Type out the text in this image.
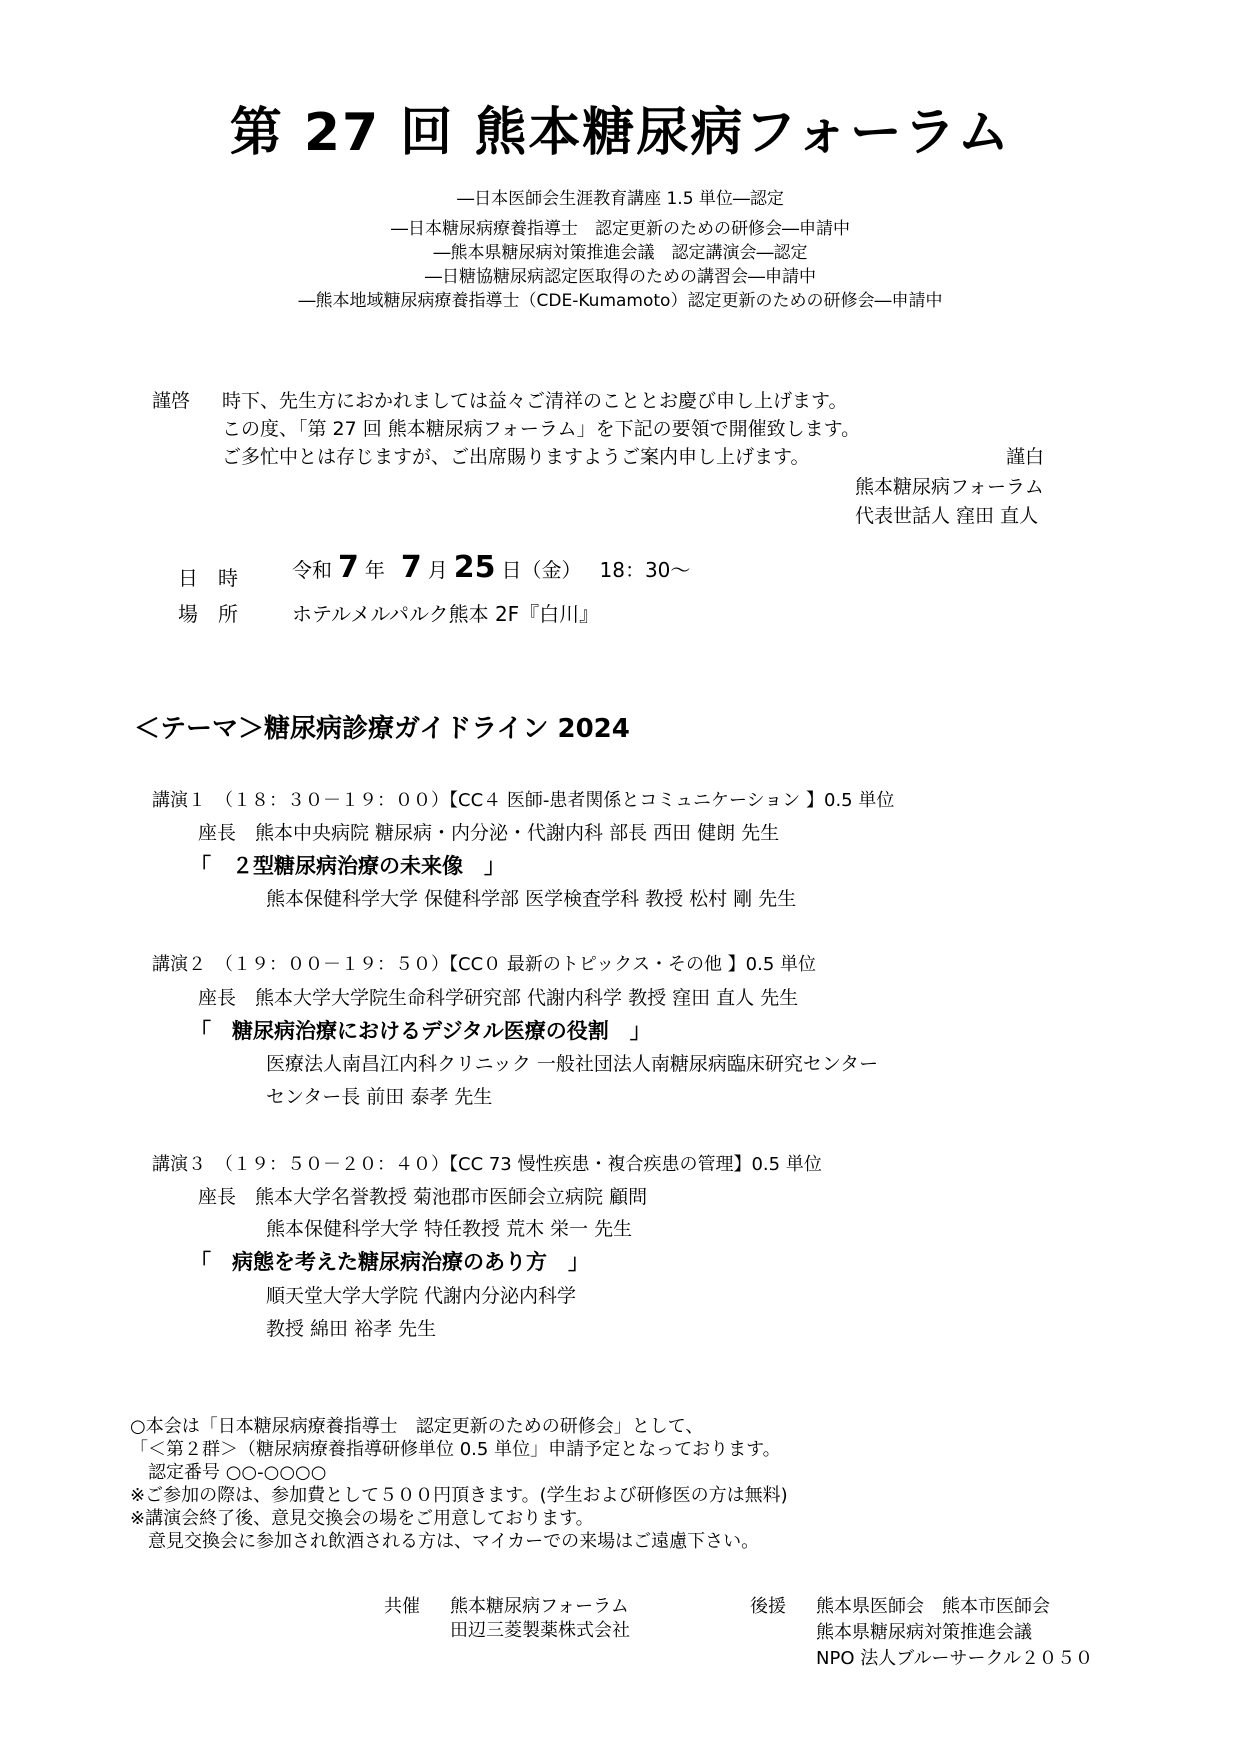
第 27 回 熊本糖尿病フォーラム
―日本医師会生涯教育講座 1.5 単位―認定
―日本糖尿病療養指導士　認定更新のための研修会―申請中
―熊本県糖尿病対策推進会議　認定講演会―認定
―日糖協糖尿病認定医取得のための講習会―申請中
―熊本地域糖尿病療養指導士（CDE-Kumamoto）認定更新のための研修会―申請中
謹啓 時下、先生方におかれましては益々ご清祥のこととお慶び申し上げます。
この度、「第 27 回 熊本糖尿病フォーラム」を下記の要領で開催致します。
ご多忙中とは存じますが、ご出席賜りますようご案内申し上げます。	謹白
熊本糖尿病フォーラム
代表世話人 窪田 直人
日　時	令和 7 年 7 月 25 日（金） 18：30～
場　所	ホテルメルパルク熊本 2F『白川』
＜テーマ＞糖尿病診療ガイドライン 2024
講演１　（１８：３０－１９：００）【CC４ 医師-患者関係とコミュニケーション 】0.5 単位
座長　熊本中央病院 糖尿病・内分泌・代謝内科 部長 西田 健朗 先生
「　２型糖尿病治療の未来像　」
熊本保健科学大学 保健科学部 医学検査学科 教授 松村 剛 先生
講演２　（１９：００－１９：５０）【CC０ 最新のトピックス・その他 】0.5 単位
座長　熊本大学大学院生命科学研究部 代謝内科学 教授 窪田 直人 先生
「　糖尿病治療におけるデジタル医療の役割　」
医療法人南昌江内科クリニック 一般社団法人南糖尿病臨床研究センター
センター長 前田 泰孝 先生
講演３　（１９：５０－２０：４０）【CC 73 慢性疾患・複合疾患の管理】0.5 単位
座長　熊本大学名誉教授 菊池郡市医師会立病院 顧問
熊本保健科学大学 特任教授 荒木 栄一 先生
「　病態を考えた糖尿病治療のあり方　」
順天堂大学大学院 代謝内分泌内科学
教授 綿田 裕孝 先生
○本会は「日本糖尿病療養指導士　認定更新のための研修会」として、
「＜第２群＞（糖尿病療養指導研修単位 0.5 単位」申請予定となっております。
　認定番号 ○○-○○○○
※ご参加の際は、参加費として５００円頂きます。(学生および研修医の方は無料)
※講演会終了後、意見交換会の場をご用意しております。
　意見交換会に参加され飲酒される方は、マイカーでの来場はご遠慮下さい。
共催 熊本糖尿病フォーラム
田辺三菱製薬株式会社
後援 熊本県医師会　熊本市医師会
熊本県糖尿病対策推進会議
NPO 法人ブルーサークル２０５０
